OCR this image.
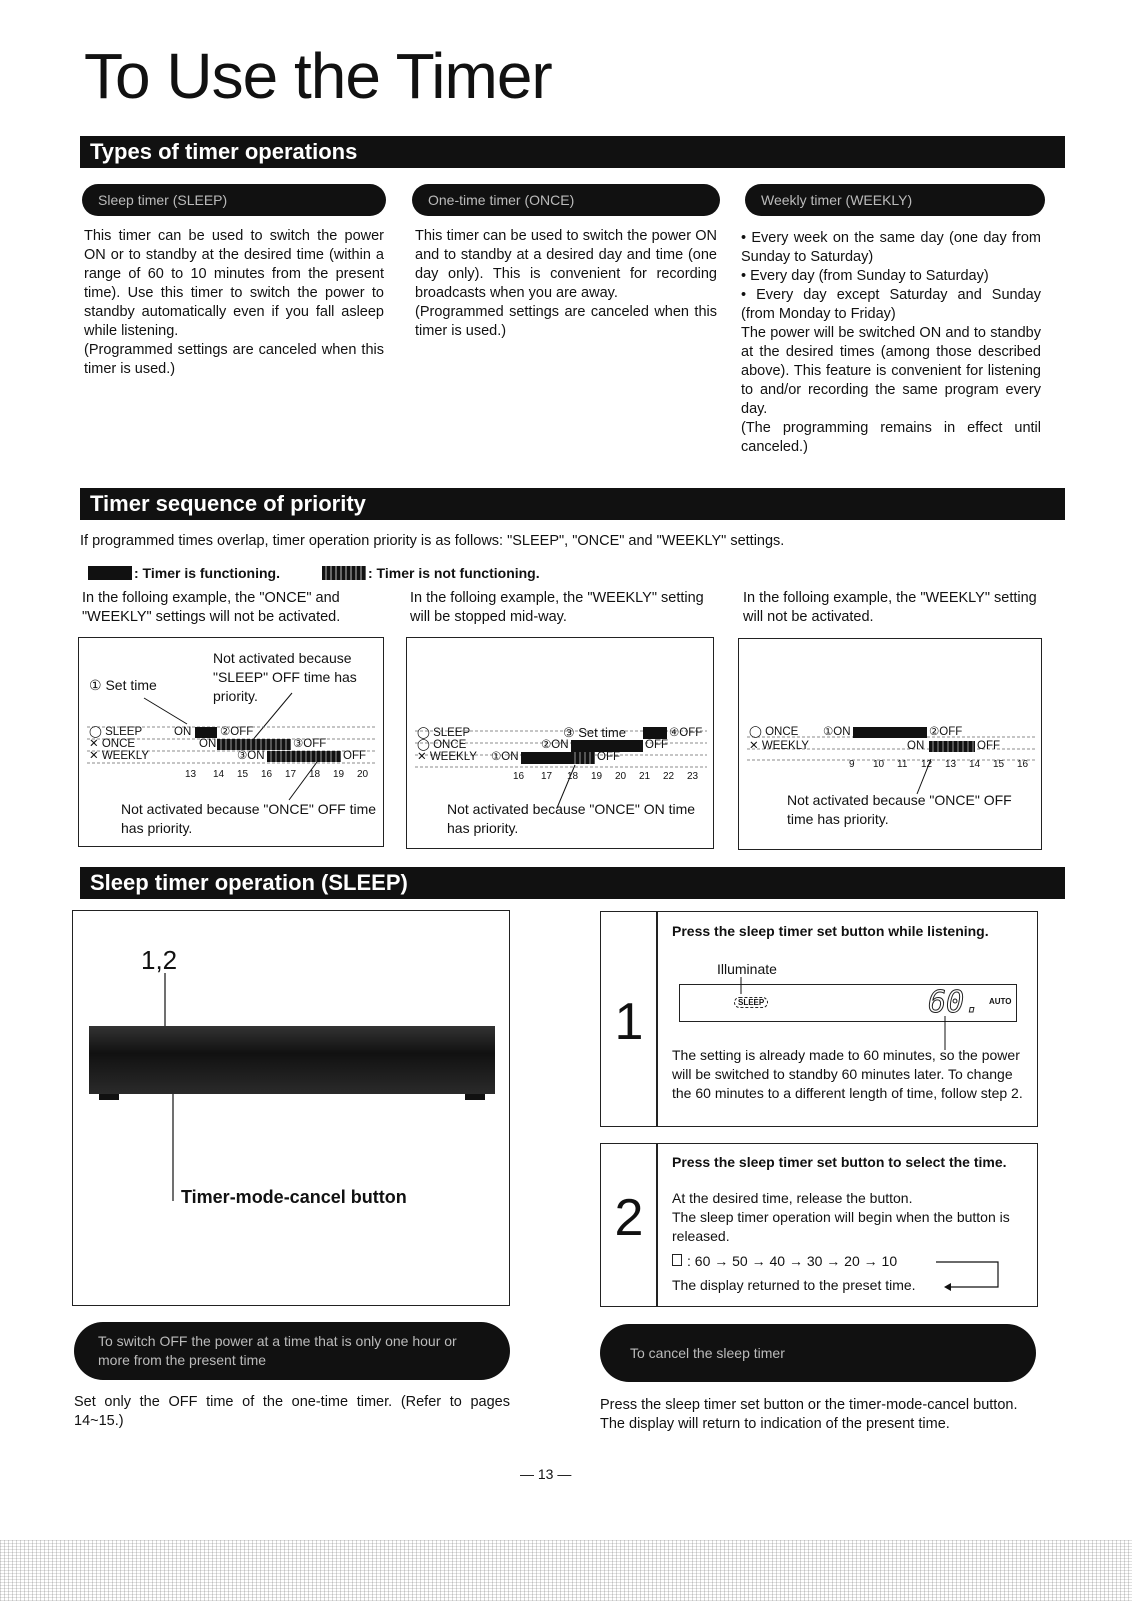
To Use the Timer
Types of timer operations
Sleep timer (SLEEP)	One-time timer (ONCE)	Weekly timer (WEEKLY)

This timer can be used to switch the power ON or to standby at the desired time (within a range of 60 to 10 minutes from the present time). Use this timer to switch the power to standby automatically even if you fall asleep while listening.

(Programmed settings are canceled when this timer is used.)

This timer can be used to switch the power ON and to standby at a desired day and time (one day only). This is convenient for recording broadcasts when you are away.

(Programmed settings are canceled when this timer is used.)

• Every week on the same day (one day from Sunday to Saturday)

• Every day (from Sunday to Saturday)

• Every day except Saturday and Sunday (from Monday to Friday)

The power will be switched ON and to standby at the desired times (among those described above). This feature is convenient for listening to and/or recording the same program every day.

(The programming remains in effect until canceled.)

Timer sequence of priority
If programmed times overlap, timer operation priority is as follows: "SLEEP", "ONCE" and "WEEKLY" settings.
: Timer is functioning.	: Timer is not functioning.
In the folloing example, the "ONCE" and "WEEKLY" settings will not be activated.
In the folloing example, the "WEEKLY" setting will be stopped mid-way.
In the folloing example, the "WEEKLY" setting will not be activated.
Not activated because "SLEEP" OFF time has priority.
① Set time
◯ SLEEP
✕ ONCE
✕ WEEKLY
ON	②OFF
ON	③OFF
③ON	OFF
13 14 15 16 17 18 19 20
Not activated because "ONCE" OFF time has priority.
◯ SLEEP
◯ ONCE
✕ WEEKLY
③ Set time	④OFF
②ON	OFF
①ON	OFF
16 17 18 19 20 21 22 23
Not activated because "ONCE" ON time has priority.
◯ ONCE
✕ WEEKLY
①ON	②OFF
ON	OFF
9 10 11 12 13 14 15 16
Not activated because "ONCE" OFF time has priority.
Sleep timer operation (SLEEP)
1,2
Timer-mode-cancel button
1
Press the sleep timer set button while listening.
Illuminate
SLEEP	60. AUTO
The setting is already made to 60 minutes, so the power will be switched to standby 60 minutes later. To change the 60 minutes to a different length of time, follow step 2.
2
Press the sleep timer set button to select the time.
At the desired time, release the button.
The sleep timer operation will begin when the button is released.
: 60 → 50 → 40 → 30 → 20 → 10
The display returned to the preset time.
To switch OFF the power at a time that is only one hour or more from the present time	To cancel the sleep timer
Set only the OFF time of the one-time timer. (Refer to pages 14~15.)
Press the sleep timer set button or the timer-mode-cancel button. The display will return to indication of the present time.
— 13 —
